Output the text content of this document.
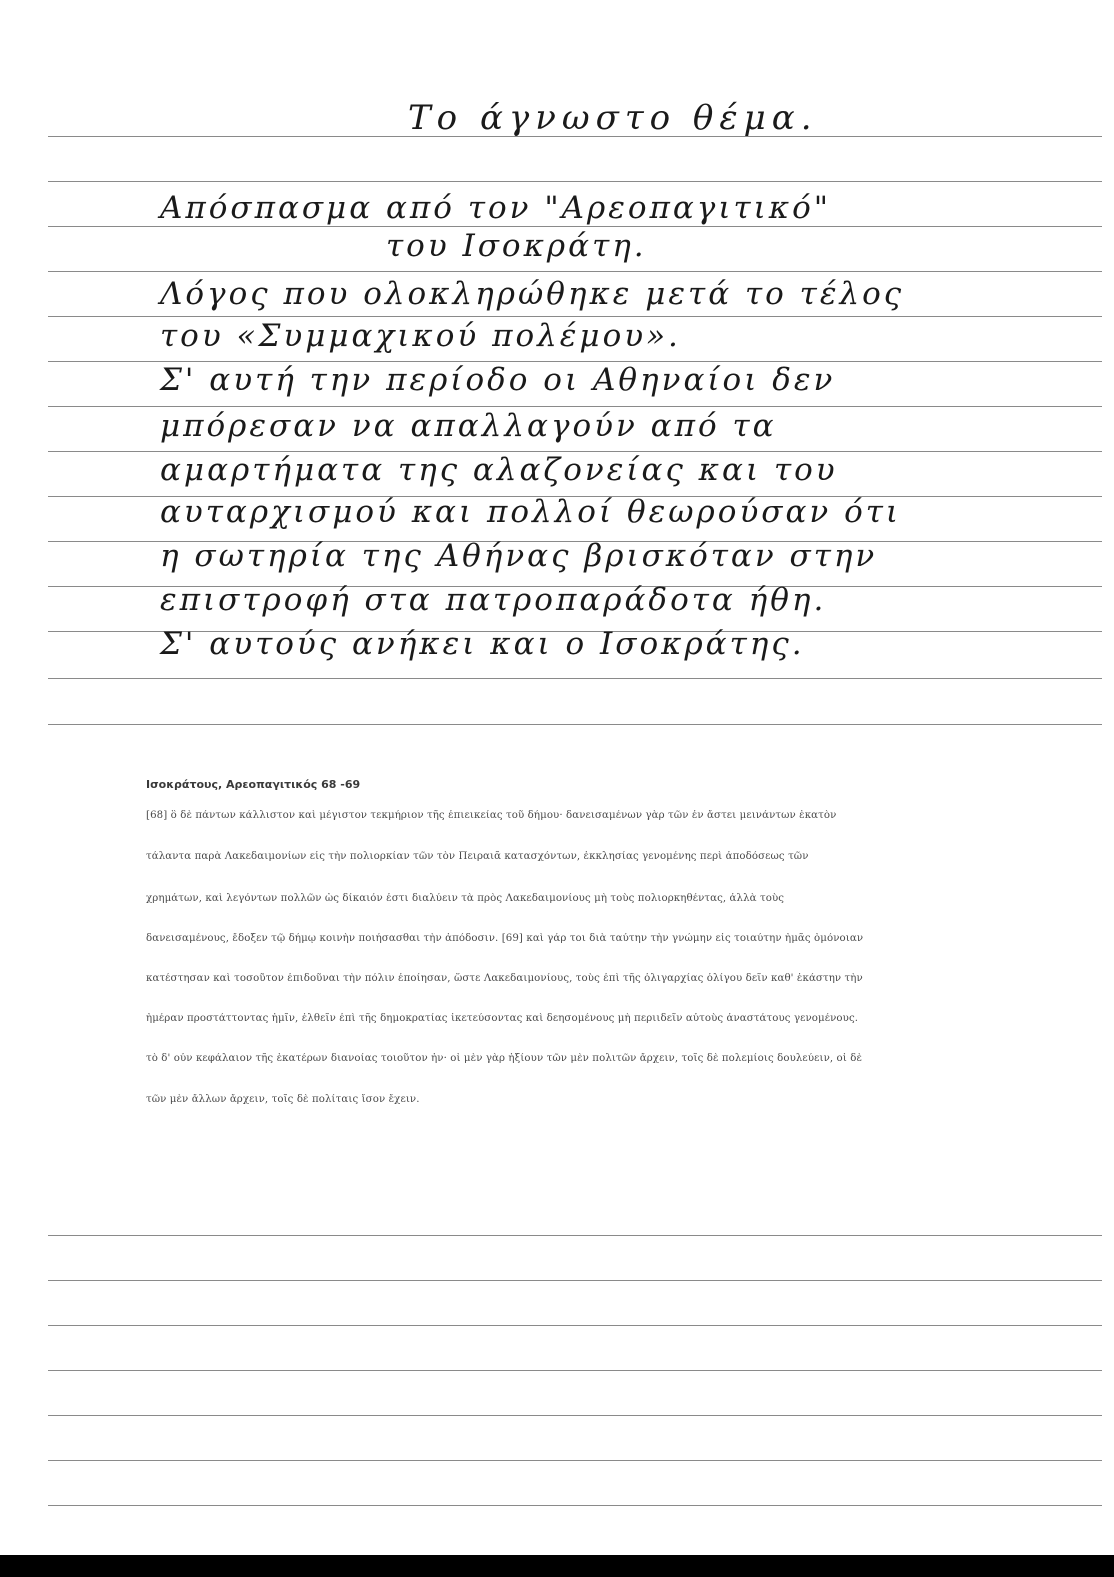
Το άγνωστο θέμα.
Απόσπασμα από τον "Αρεοπαγιτικό"
του Ισοκράτη.
Λόγος που ολοκληρώθηκε μετά το τέλος
του «Συμμαχικού πολέμου».
Σ' αυτή την περίοδο οι Αθηναίοι δεν
μπόρεσαν να απαλλαγούν από τα
αμαρτήματα της αλαζονείας και του
αυταρχισμού και πολλοί θεωρούσαν ότι
η σωτηρία της Αθήνας βρισκόταν στην
επιστροφή στα πατροπαράδοτα ήθη.
Σ' αυτούς ανήκει και ο Ισοκράτης.
Ισοκράτους, Αρεοπαγιτικός 68 -69
[68] ὃ δὲ πάντων κάλλιστον καὶ μέγιστον τεκμήριον τῆς ἐπιεικείας τοῦ δήμου· δανεισαμένων γὰρ τῶν ἐν ἄστει μεινάντων ἑκατὸν
τάλαντα παρὰ Λακεδαιμονίων εἰς τὴν πολιορκίαν τῶν τὸν Πειραιᾶ κατασχόντων, ἐκκλησίας γενομένης περὶ ἀποδόσεως τῶν
χρημάτων, καὶ λεγόντων πολλῶν ὡς δίκαιόν ἐστι διαλύειν τὰ πρὸς Λακεδαιμονίους μὴ τοὺς πολιορκηθέντας, ἀλλὰ τοὺς
δανεισαμένους, ἔδοξεν τῷ δήμῳ κοινὴν ποιήσασθαι τὴν ἀπόδοσιν. [69] καὶ γάρ τοι διὰ ταύτην τὴν γνώμην εἰς τοιαύτην ἡμᾶς ὁμόνοιαν
κατέστησαν καὶ τοσοῦτον ἐπιδοῦναι τὴν πόλιν ἐποίησαν, ὥστε Λακεδαιμονίους, τοὺς ἐπὶ τῆς ὀλιγαρχίας ὀλίγου δεῖν καθ' ἑκάστην τὴν
ἡμέραν προστάττοντας ἡμῖν, ἐλθεῖν ἐπὶ τῆς δημοκρατίας ἱκετεύσοντας καὶ δεησομένους μὴ περιιδεῖν αὐτοὺς ἀναστάτους γενομένους.
τὸ δ' οὖν κεφάλαιον τῆς ἑκατέρων διανοίας τοιοῦτον ἦν· οἱ μὲν γὰρ ἠξίουν τῶν μὲν πολιτῶν ἄρχειν, τοῖς δὲ πολεμίοις δουλεύειν, οἱ δὲ
τῶν μὲν ἄλλων ἄρχειν, τοῖς δὲ πολίταις ἴσον ἔχειν.
